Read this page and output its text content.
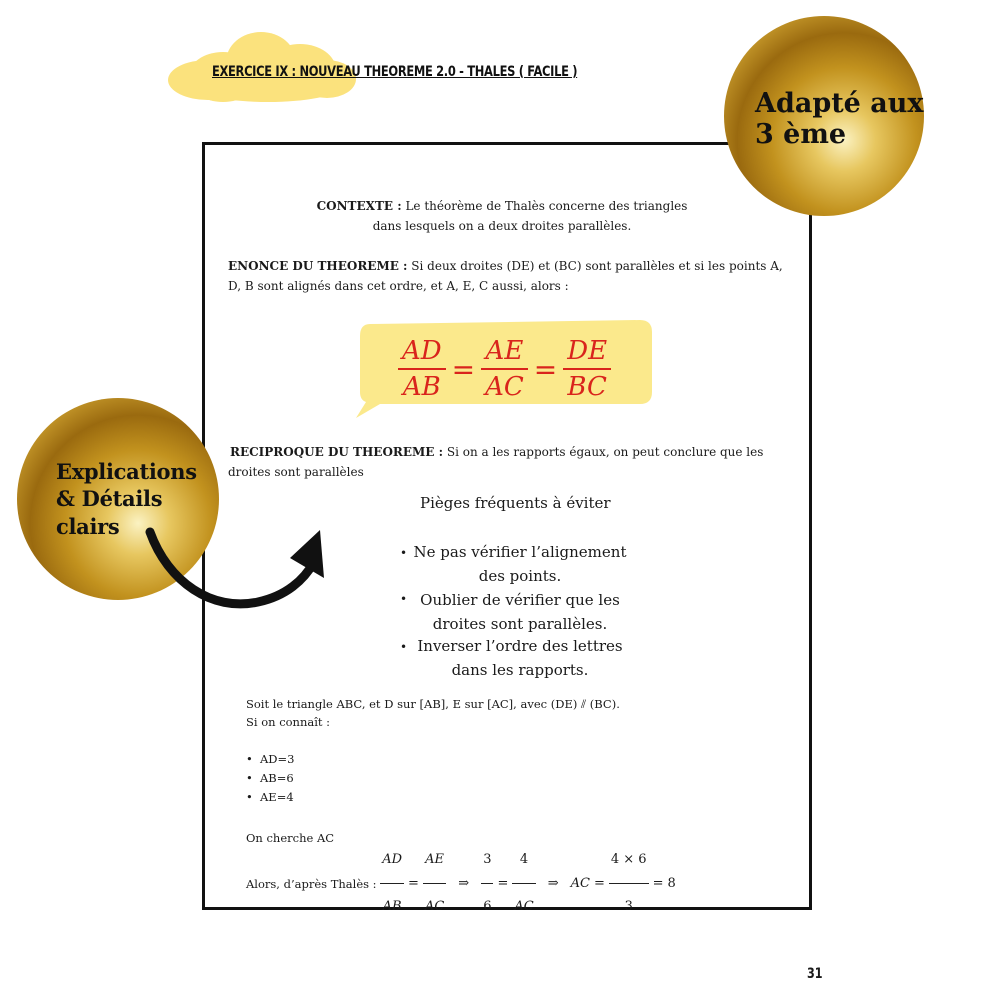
EXERCICE IX : NOUVEAU THEOREME 2.0 - THALES ( FACILE )
Adapté aux
3 ème
Explications
& Détails
clairs
CONTEXTE : Le théorème de Thalès concerne des triangles
dans lesquels on a deux droites parallèles.
ENONCE DU THEOREME : Si deux droites (DE) et (BC) sont parallèles et si les points A,
D, B sont alignés dans cet ordre, et A, E, C aussi, alors :
$\frac{AD}{AB} = \frac{AE}{AC} = \frac{DE}{BC}$
RECIPROQUE DU THEOREME : Si on a les rapports égaux, on peut conclure que les
droites sont parallèles
Pièges fréquents à éviter
• Ne pas vérifier l’alignement
des points.
• Oublier de vérifier que les
droites sont parallèles.
• Inverser l’ordre des lettres
dans les rapports.
Soit le triangle ABC, et D sur [AB], E sur [AC], avec (DE) ⫽ (BC).
Si on connaît :
• AD=3
• AB=6
• AE=4
On cherche AC
Alors, d’après Thalès : $\frac{AD}{AB} = \frac{AE}{AC}$ ⇒ $\frac{3}{6} = \frac{4}{AC}$ ⇒ AC = $\frac{4 \times 6}{3} = 8$
31
